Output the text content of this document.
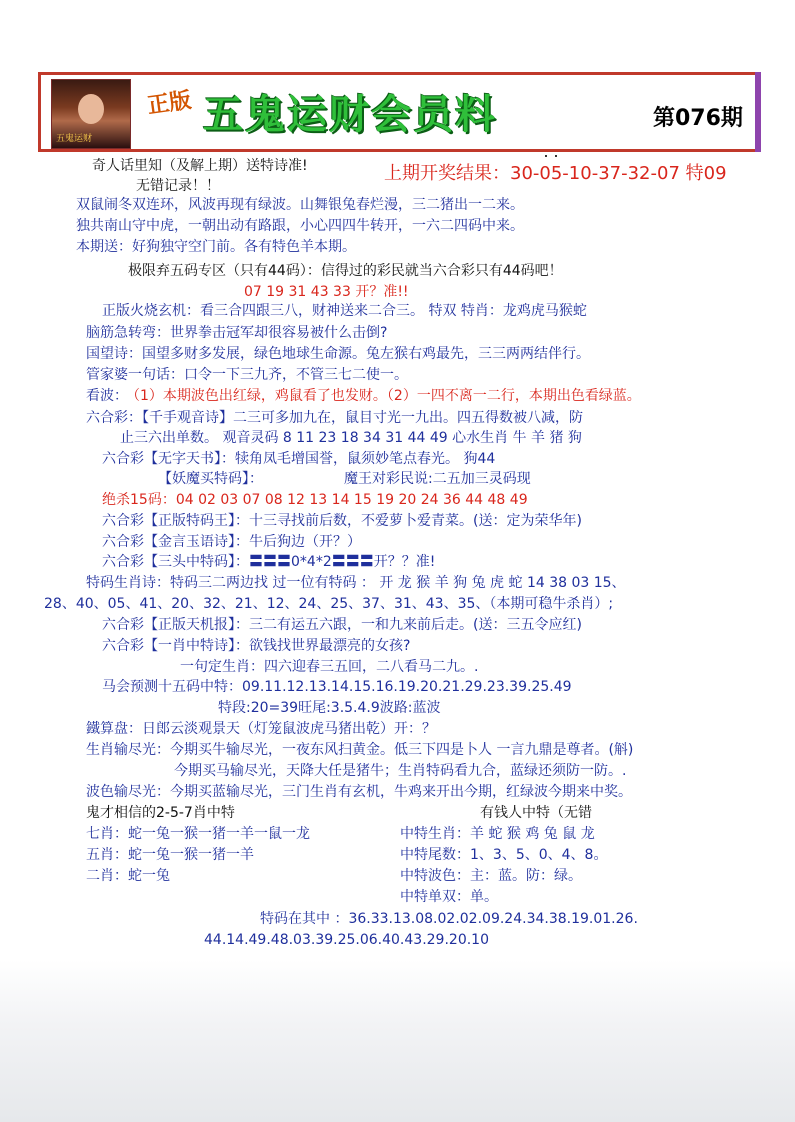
五鬼运财
正版 五鬼运财会员料	第076期
奇人话里知（及解上期）送特诗准!	上期开奖结果：30-05-10-37-32-07 特09
无错记录！！
双鼠闹冬双连环，风波再现有绿波。山舞银兔春烂漫，三二猪出一二来。
独共南山守中虎，一朝出动有路跟，小心四四牛转开，一六二四码中来。
本期送：好狗独守空门前。各有特色羊本期。
极限弃五码专区（只有44码）：信得过的彩民就当六合彩只有44码吧！
07 19 31 43 33 开？准!!
正版火烧玄机：看三合四跟三八，财神送来二合三。 特双 特肖：龙鸡虎马猴蛇
脑筋急转弯：世界拳击冠军却很容易被什么击倒?
国望诗：国望多财多发展，绿色地球生命源。兔左猴右鸡最先，三三两两结伴行。
管家婆一句话：口令一下三九齐，不管三七二使一。
看波：
（1）本期波色出红绿，鸡鼠看了也发财。（2）一四不离一二行，本期出色看绿蓝。
六合彩：【千手观音诗】二三可多加九在，鼠目寸光一九出。四五得数被八减，防
止三六出单数。 观音灵码 8 11 23 18 34 31 44 49 心水生肖 牛 羊 猪 狗
六合彩【无字天书】：犊角凤毛增国誉，鼠须妙笔点春光。 狗44
【妖魔买特码】：	魔王对彩民说:二五加三灵码现
绝杀15码：04 02 03 07 08 12 13 14 15 19 20 24 36 44 48 49
六合彩【正版特码王】：十三寻找前后数，不爱萝卜爱青菜。(送：定为荣华年)
六合彩【金言玉语诗】：牛后狗边（开？）
六合彩【三头中特码】：〓〓〓0*4*2〓〓〓开？？准!
特码生肖诗：特码三二两边找 过一位有特码 ： 开 龙 猴 羊 狗 兔 虎 蛇 14 38 03 15、
28、40、05、41、20、32、21、12、24、25、37、31、43、35、（本期可稳牛杀肖）;
六合彩【正版天机报】：三二有运五六跟，一和九来前后走。(送：三五令应红)
六合彩【一肖中特诗】：欲钱找世界最漂亮的女孩?
一句定生肖：四六迎春三五回，二八看马二九。.
马会预测十五码中特：09.11.12.13.14.15.16.19.20.21.29.23.39.25.49
特段:20=39旺尾:3.5.4.9波路:蓝波
鐵算盘：日郎云淡观景天（灯笼鼠波虎马猪出乾）开：？
生肖输尽光：今期买牛输尽光，一夜东风扫黄金。低三下四是卜人 一言九鼎是尊者。(斛)
今期买马输尽光，天降大任是猪牛；生肖特码看九合，蓝绿还须防一防。.
波色输尽光：今期买蓝输尽光，三门生肖有玄机，牛鸡来开出今期，红绿波今期来中奖。
鬼才相信的2-5-7肖中特	有钱人中特（无错
七肖：蛇一兔一猴一猪一羊一鼠一龙	中特生肖：羊 蛇 猴 鸡 兔 鼠 龙
五肖：蛇一兔一猴一猪一羊	中特尾数：1、3、5、0、4、8。
二肖：蛇一兔	中特波色：主：蓝。防：绿。
中特单双：单。
特码在其中 ：36.33.13.08.02.02.09.24.34.38.19.01.26.
44.14.49.48.03.39.25.06.40.43.29.20.10
